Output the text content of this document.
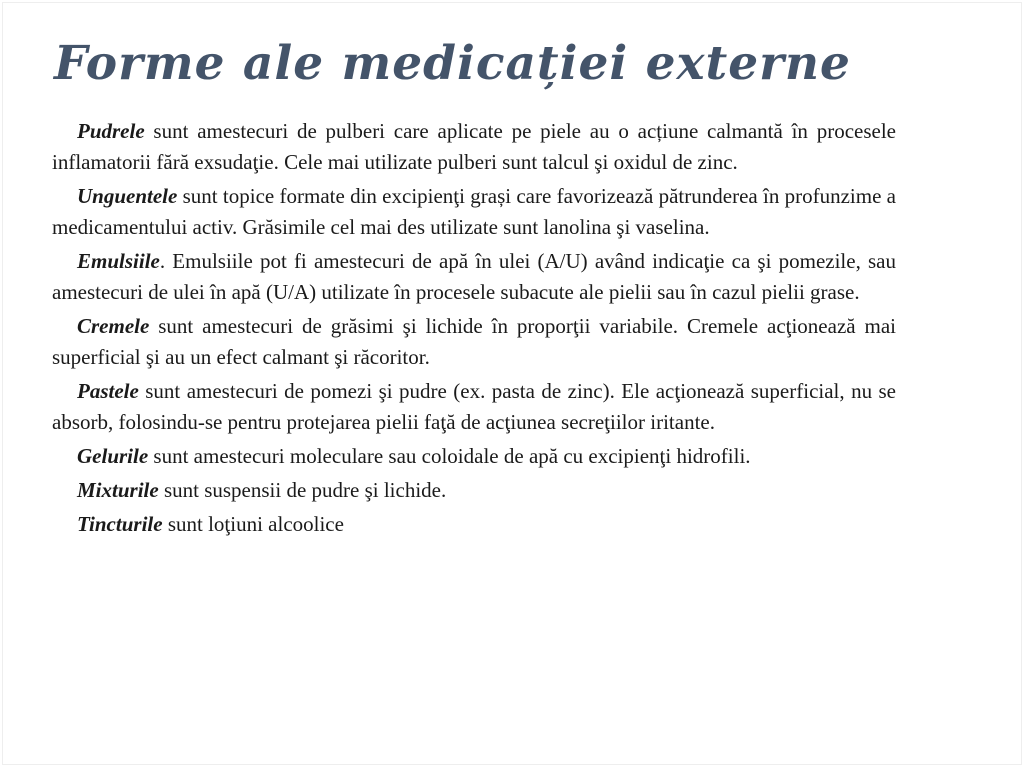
Forme ale medicației externe

Pudrele sunt amestecuri de pulberi care aplicate pe piele au o acțiune calmantă în procesele inflamatorii fără exsudaţie. Cele mai utilizate pulberi sunt talcul şi oxidul de zinc.

Unguentele sunt topice formate din excipienţi grași care favorizează pătrunderea în profunzime a medicamentului activ. Grăsimile cel mai des utilizate sunt lanolina şi vaselina.

Emulsiile. Emulsiile pot fi amestecuri de apă în ulei (A/U) având indicaţie ca şi pomezile, sau amestecuri de ulei în apă (U/A) utilizate în procesele subacute ale pielii sau în cazul pielii grase.

Cremele sunt amestecuri de grăsimi şi lichide în proporţii variabile. Cremele acţionează mai superficial şi au un efect calmant şi răcoritor.

Pastele sunt amestecuri de pomezi şi pudre (ex. pasta de zinc). Ele acţionează superficial, nu se absorb, folosindu-se pentru protejarea pielii faţă de acţiunea secreţiilor iritante.

Gelurile sunt amestecuri moleculare sau coloidale de apă cu excipienţi hidrofili.

Mixturile sunt suspensii de pudre şi lichide.

Tincturile sunt loţiuni alcoolice
